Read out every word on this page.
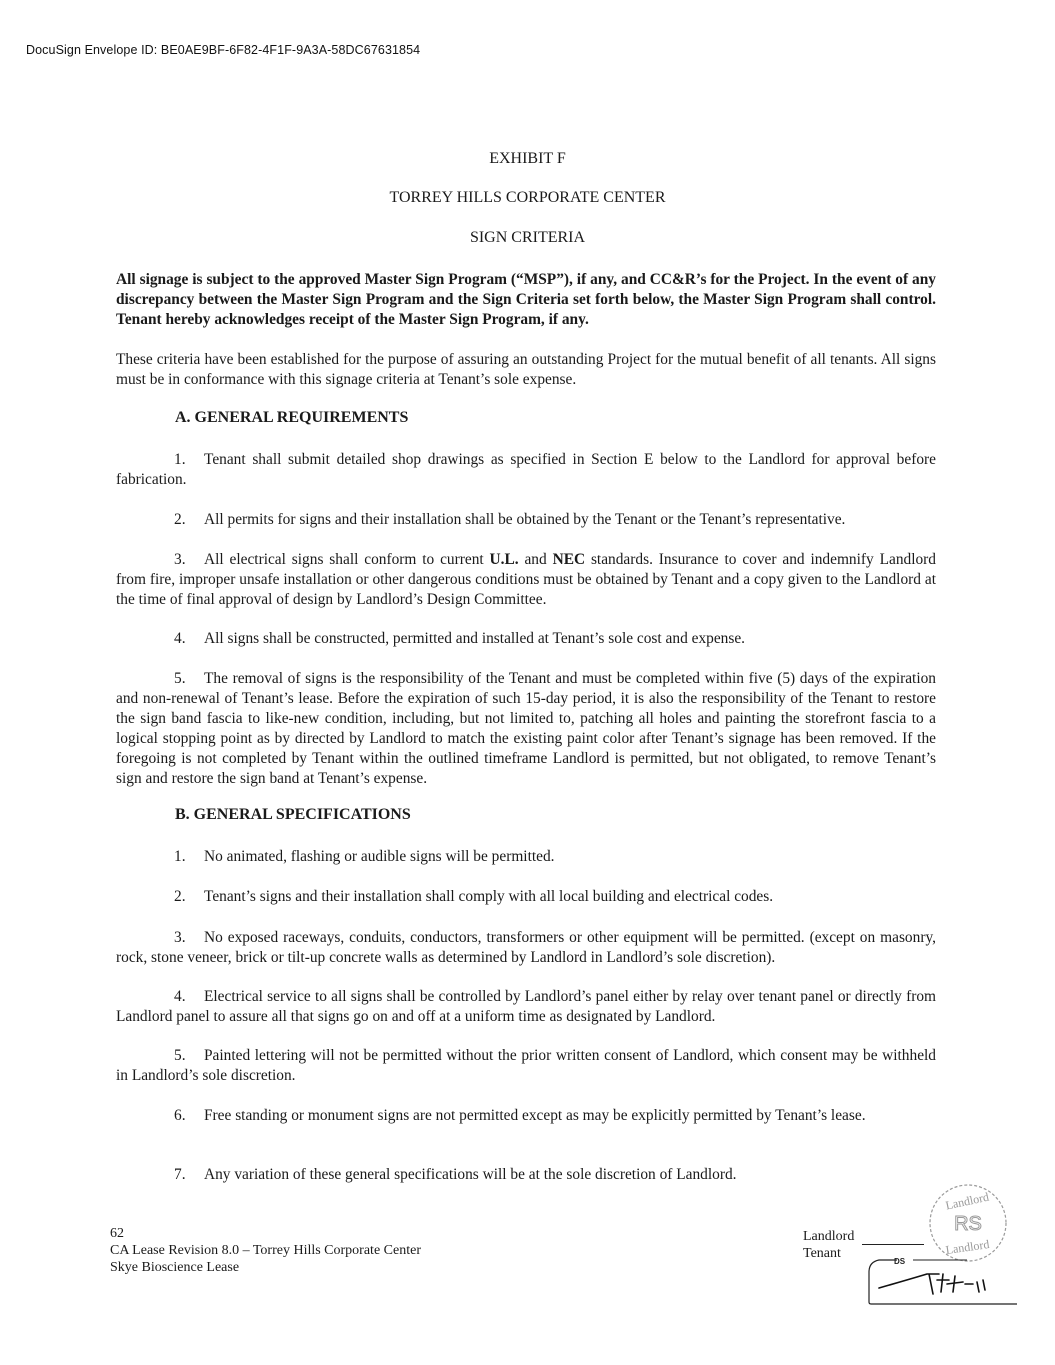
DocuSign Envelope ID: BE0AE9BF-6F82-4F1F-9A3A-58DC67631854
EXHIBIT F
TORREY HILLS CORPORATE CENTER
SIGN CRITERIA
All signage is subject to the approved Master Sign Program (“MSP”), if any, and CC&R’s for the Project. In the event of any discrepancy between the Master Sign Program and the Sign Criteria set forth below, the Master Sign Program shall control. Tenant hereby acknowledges receipt of the Master Sign Program, if any.
These criteria have been established for the purpose of assuring an outstanding Project for the mutual benefit of all tenants. All signs must be in conformance with this signage criteria at Tenant’s sole expense.
A. GENERAL REQUIREMENTS
1. Tenant shall submit detailed shop drawings as specified in Section E below to the Landlord for approval before fabrication.
2. All permits for signs and their installation shall be obtained by the Tenant or the Tenant’s representative.
3. All electrical signs shall conform to current U.L. and NEC standards. Insurance to cover and indemnify Landlord from fire, improper unsafe installation or other dangerous conditions must be obtained by Tenant and a copy given to the Landlord at the time of final approval of design by Landlord’s Design Committee.
4. All signs shall be constructed, permitted and installed at Tenant’s sole cost and expense.
5. The removal of signs is the responsibility of the Tenant and must be completed within five (5) days of the expiration and non-renewal of Tenant’s lease. Before the expiration of such 15-day period, it is also the responsibility of the Tenant to restore the sign band fascia to like-new condition, including, but not limited to, patching all holes and painting the storefront fascia to a logical stopping point as by directed by Landlord to match the existing paint color after Tenant’s signage has been removed. If the foregoing is not completed by Tenant within the outlined timeframe Landlord is permitted, but not obligated, to remove Tenant’s sign and restore the sign band at Tenant’s expense.
B. GENERAL SPECIFICATIONS
1. No animated, flashing or audible signs will be permitted.
2. Tenant’s signs and their installation shall comply with all local building and electrical codes.
3. No exposed raceways, conduits, conductors, transformers or other equipment will be permitted. (except on masonry, rock, stone veneer, brick or tilt-up concrete walls as determined by Landlord in Landlord’s sole discretion).
4. Electrical service to all signs shall be controlled by Landlord’s panel either by relay over tenant panel or directly from Landlord panel to assure all that signs go on and off at a uniform time as designated by Landlord.
5. Painted lettering will not be permitted without the prior written consent of Landlord, which consent may be withheld in Landlord’s sole discretion.
6. Free standing or monument signs are not permitted except as may be explicitly permitted by Tenant’s lease.
7. Any variation of these general specifications will be at the sole discretion of Landlord.
62
CA Lease Revision 8.0 – Torrey Hills Corporate Center
Skye Bioscience Lease
Landlord
Tenant
Landlord
RS
Landlord
DS
